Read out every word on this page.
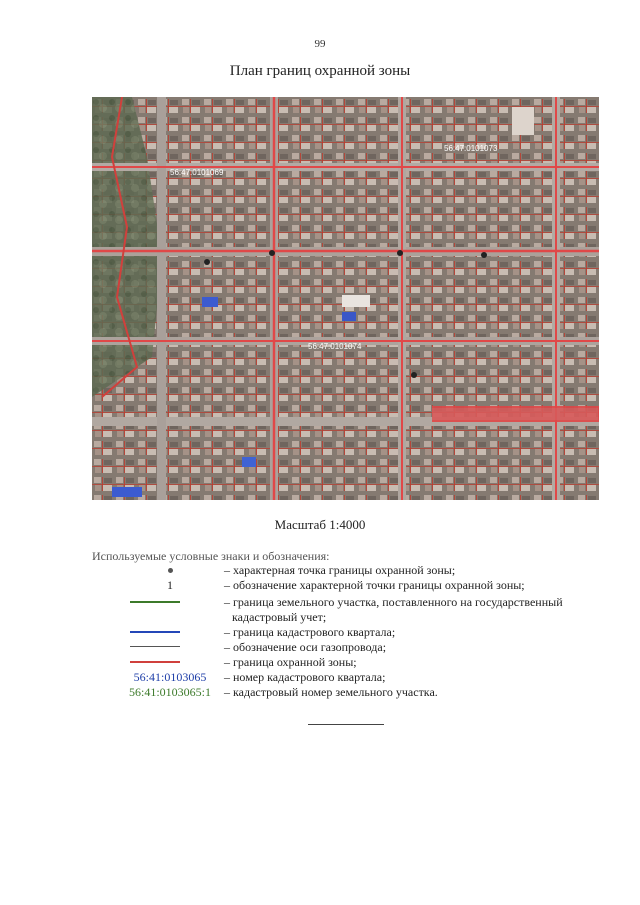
99
План границ охранной зоны
56:47:0101073
56:47:0101069
56:47:0101074
Масштаб 1:4000
Используемые условные знаки и обозначения:
– характерная точка границы охранной зоны;
1	– обозначение характерной точки границы охранной зоны;
– граница земельного участка, поставленного на государственный
кадастровый учет;
– граница кадастрового квартала;
– обозначение оси газопровода;
– граница охранной зоны;
56:41:0103065	– номер кадастрового квартала;
56:41:0103065:1	– кадастровый номер земельного участка.
